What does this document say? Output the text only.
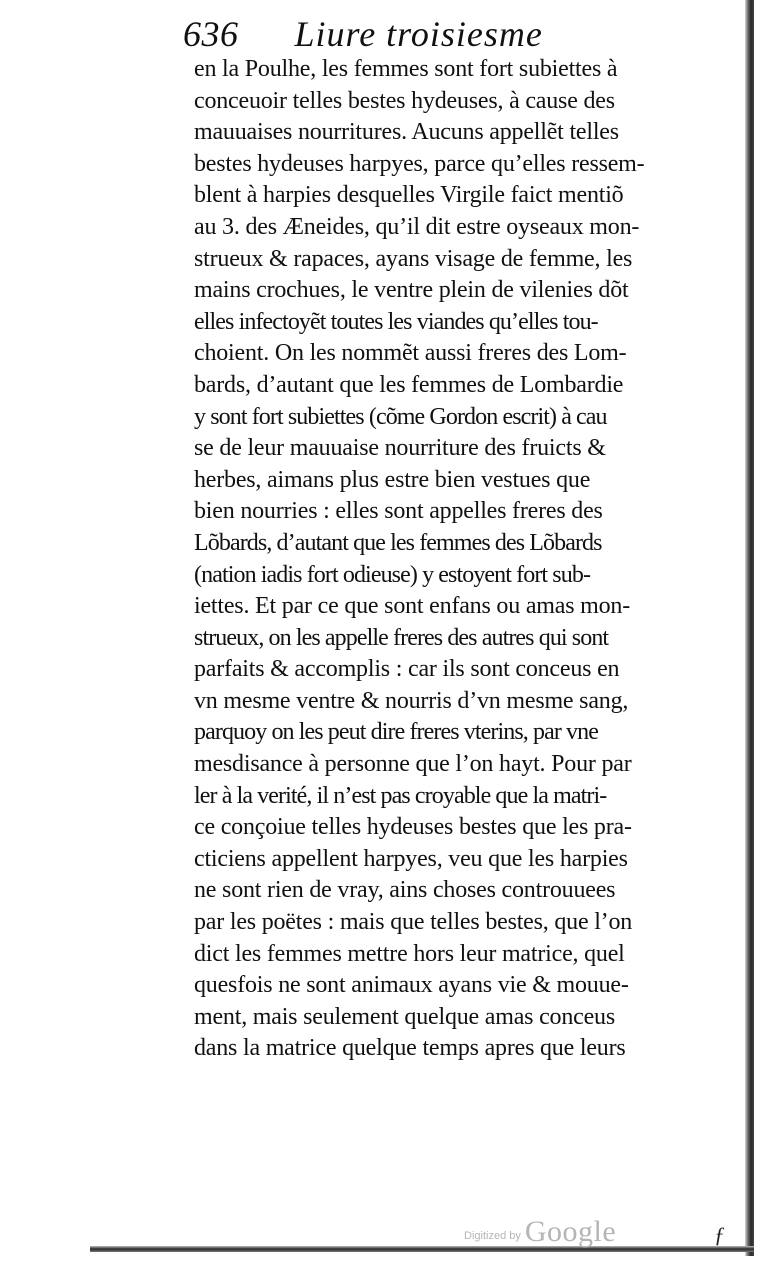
636 Liure troisiesme
en la Poulhe, les femmes sont fort subiettes à
conceuoir telles bestes hydeuses, à cause des
mauuaises nourritures. Aucuns appellẽt telles
bestes hydeuses harpyes, parce qu’elles ressem-
blent à harpies desquelles Virgile faict mentiõ
au 3. des Æneides, qu’il dit estre oyseaux mon-
strueux & rapaces, ayans visage de femme, les
mains crochues, le ventre plein de vilenies dõt
elles infectoyẽt toutes les viandes qu’elles tou-
choient. On les nommẽt aussi freres des Lom-
bards, d’autant que les femmes de Lombardie
y sont fort subiettes (cõme Gordon escrit) à cau
se de leur mauuaise nourriture des fruicts &
herbes, aimans plus estre bien vestues que
bien nourries : elles sont appelles freres des
Lõbards, d’autant que les femmes des Lõbards
(nation iadis fort odieuse) y estoyent fort sub-
iettes. Et par ce que sont enfans ou amas mon-
strueux, on les appelle freres des autres qui sont
parfaits & accomplis : car ils sont conceus en
vn mesme ventre & nourris d’vn mesme sang,
parquoy on les peut dire freres vterins, par vne
mesdisance à personne que l’on hayt. Pour par
ler à la verité, il n’est pas croyable que la matri-
ce conçoiue telles hydeuses bestes que les pra-
cticiens appellent harpyes, veu que les harpies
ne sont rien de vray, ains choses controuuees
par les poëtes : mais que telles bestes, que l’on
dict les femmes mettre hors leur matrice, quel
quesfois ne sont animaux ayans vie & mouue-
ment, mais seulement quelque amas conceus
dans la matrice quelque temps apres que leurs
Digitized by Google	ƒ
